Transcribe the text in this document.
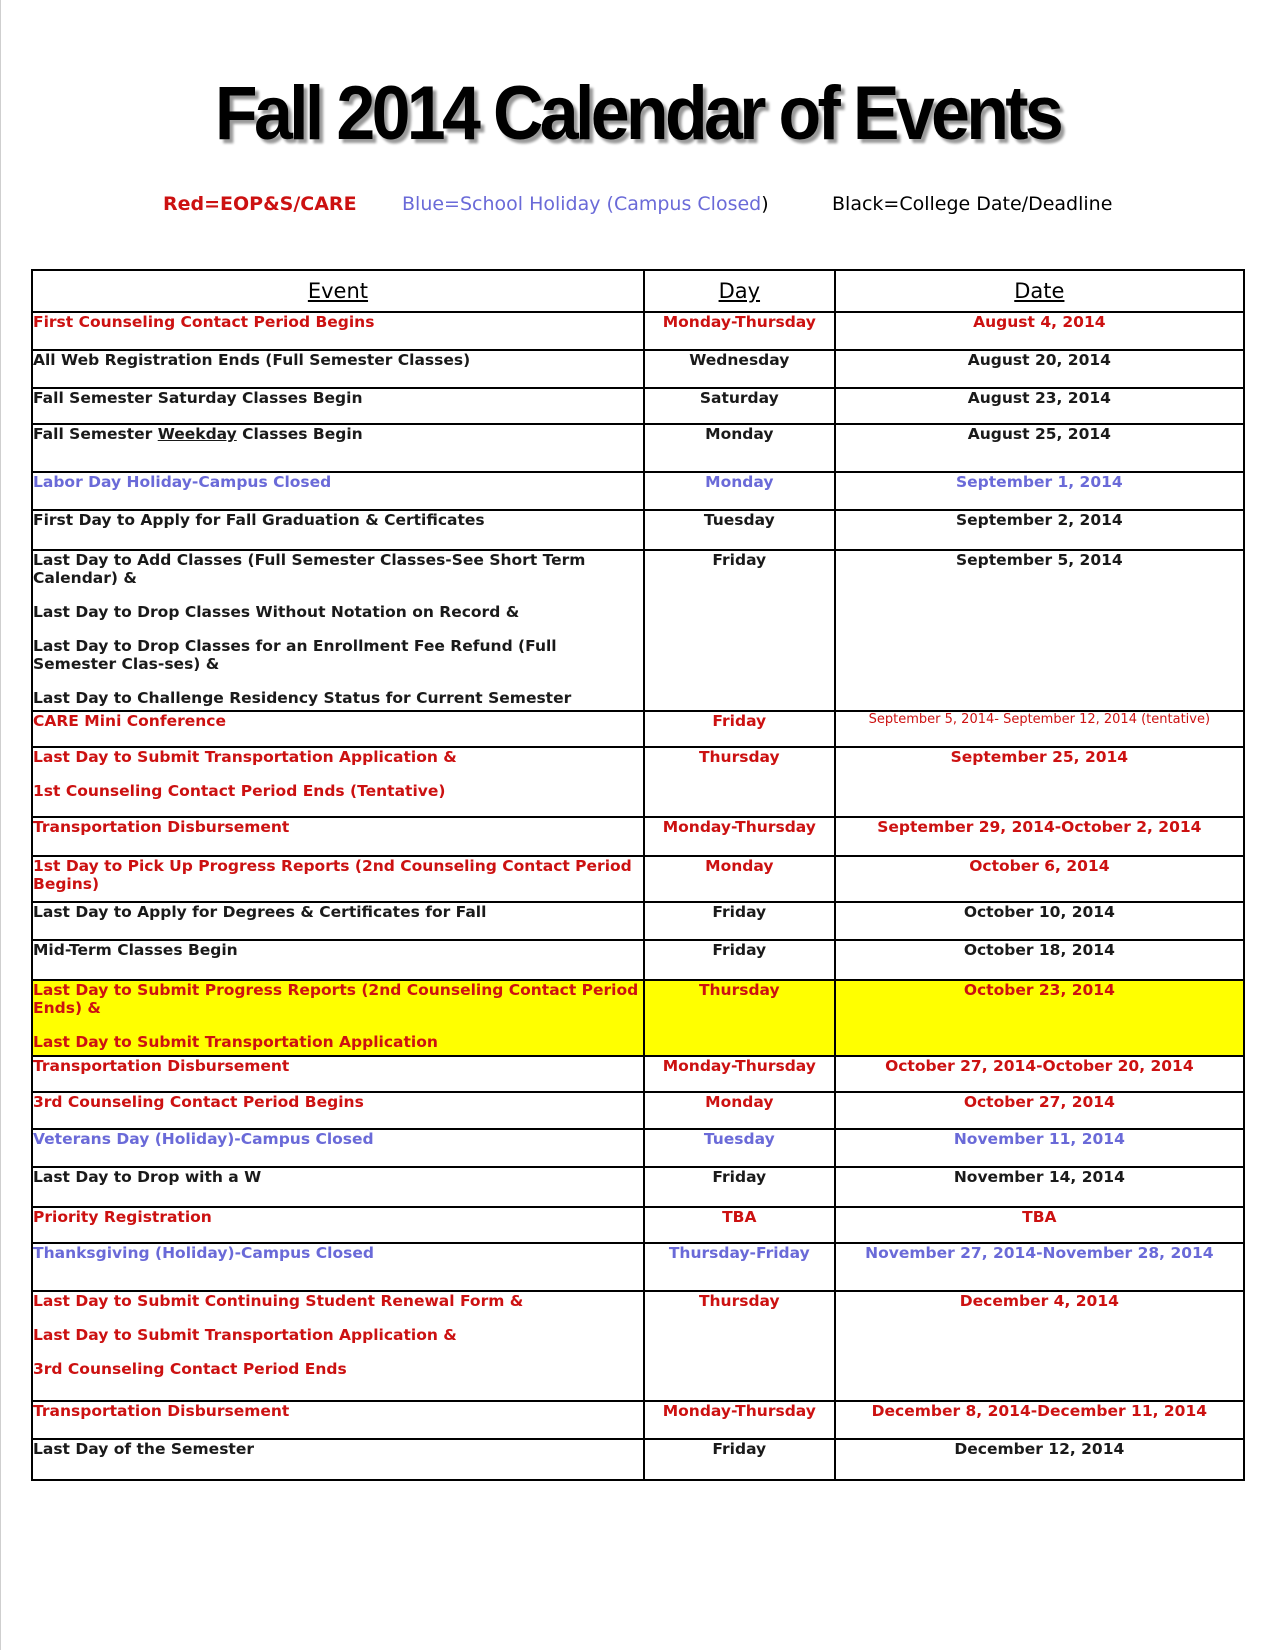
Fall 2014 Calendar of Events
Red=EOP&S/CARE Blue=School Holiday (Campus Closed)	Black=College Date/Deadline
Event	Day	Date

First Counseling Contact Period Begins	Monday-Thursday	August 4, 2014

All Web Registration Ends (Full Semester Classes)	Wednesday	August 20, 2014

Fall Semester Saturday Classes Begin	Saturday	August 23, 2014

Fall Semester Weekday Classes Begin	Monday	August 25, 2014

Labor Day Holiday-Campus Closed	Monday	September 1, 2014

First Day to Apply for Fall Graduation & Certificates	Tuesday	September 2, 2014

Last Day to Add Classes (Full Semester Classes-See Short Term Calendar) &
Last Day to Drop Classes Without Notation on Record &
Last Day to Drop Classes for an Enrollment Fee Refund (Full Semester Clas-ses) &
Last Day to Challenge Residency Status for Current Semester	Friday	September 5, 2014

CARE Mini Conference	Friday	September 5, 2014- September 12, 2014 (tentative)

Last Day to Submit Transportation Application &
1st Counseling Contact Period Ends (Tentative)	Thursday	September 25, 2014

Transportation Disbursement	Monday-Thursday	September 29, 2014-October 2, 2014

1st Day to Pick Up Progress Reports (2nd Counseling Contact Period Begins)	Monday	October 6, 2014

Last Day to Apply for Degrees & Certificates for Fall	Friday	October 10, 2014

Mid-Term Classes Begin	Friday	October 18, 2014

Last Day to Submit Progress Reports (2nd Counseling Contact Period Ends) &
Last Day to Submit Transportation Application	Thursday	October 23, 2014

Transportation Disbursement	Monday-Thursday	October 27, 2014-October 20, 2014

3rd Counseling Contact Period Begins	Monday	October 27, 2014

Veterans Day (Holiday)-Campus Closed	Tuesday	November 11, 2014

Last Day to Drop with a W	Friday	November 14, 2014

Priority Registration	TBA	TBA

Thanksgiving (Holiday)-Campus Closed	Thursday-Friday	November 27, 2014-November 28, 2014

Last Day to Submit Continuing Student Renewal Form &
Last Day to Submit Transportation Application &
3rd Counseling Contact Period Ends	Thursday	December 4, 2014

Transportation Disbursement	Monday-Thursday	December 8, 2014-December 11, 2014

Last Day of the Semester	Friday	December 12, 2014
